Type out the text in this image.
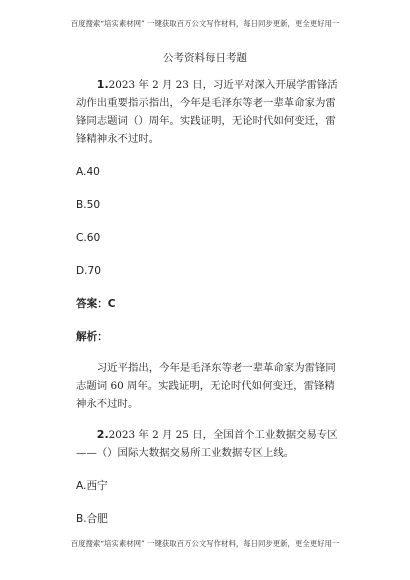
百度搜索“培实素材网” 一键获取百万公文写作材料，每日同步更新，更全更好用一
公考资料每日考题

1.2023 年 2 月 23 日，习近平对深入开展学雷锋活动作出重要指示指出，今年是毛泽东等老一辈革命家为雷锋同志题词（）周年。实践证明，无论时代如何变迁，雷锋精神永不过时。

A.40

B.50

C.60

D.70

答案：C

解析：

习近平指出，今年是毛泽东等老一辈革命家为雷锋同志题词 60 周年。实践证明，无论时代如何变迁，雷锋精神永不过时。

2.2023 年 2 月 25 日，全国首个工业数据交易专区——（）国际大数据交易所工业数据专区上线。

A.西宁

B.合肥

百度搜索“培实素材网” 一键获取百万公文写作材料，每日同步更新，更全更好用一
